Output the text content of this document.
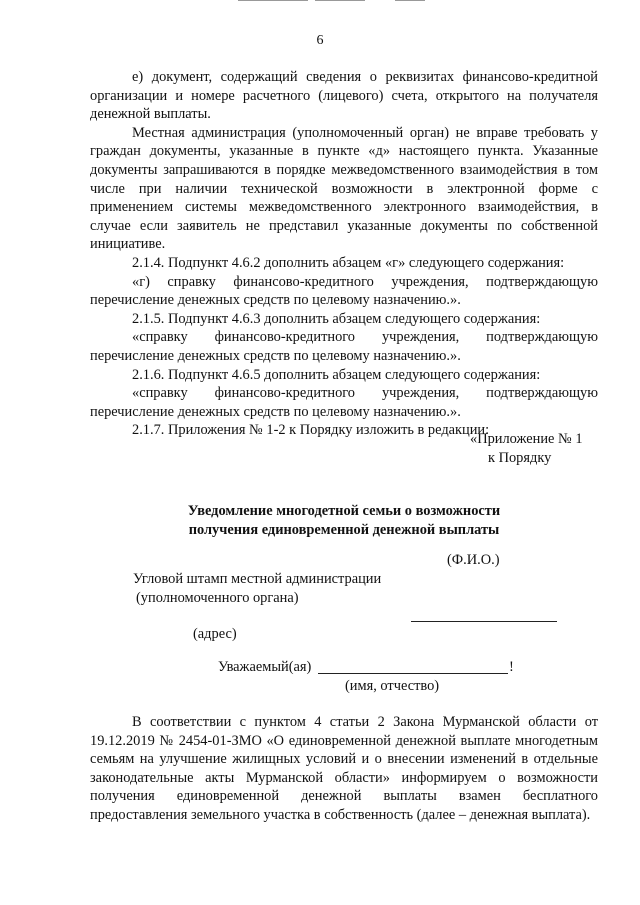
6

е) документ, содержащий сведения о реквизитах финансово-кредитной организации и номере расчетного (лицевого) счета, открытого на получателя денежной выплаты.

Местная администрация (уполномоченный орган) не вправе требовать у граждан документы, указанные в пункте «д» настоящего пункта. Указанные документы запрашиваются в порядке межведомственного взаимодействия в том числе при наличии технической возможности в электронной форме с применением системы межведомственного электронного взаимодействия, в случае если заявитель не представил указанные документы по собственной инициативе.

2.1.4. Подпункт 4.6.2 дополнить абзацем «г» следующего содержания:

«г) справку финансово-кредитного учреждения, подтверждающую перечисление денежных средств по целевому назначению.».

2.1.5. Подпункт 4.6.3 дополнить абзацем следующего содержания:

«справку финансово-кредитного учреждения, подтверждающую перечисление денежных средств по целевому назначению.».

2.1.6. Подпункт 4.6.5 дополнить абзацем следующего содержания:

«справку финансово-кредитного учреждения, подтверждающую перечисление денежных средств по целевому назначению.».

2.1.7. Приложения № 1-2 к Порядку изложить в редакции:

«Приложение № 1
к Порядку
Уведомление многодетной семьи о возможности
получения единовременной денежной выплаты
(Ф.И.О.)
Угловой штамп местной администрации
(уполномоченного органа)
(адрес)
Уважаемый(ая)	!
(имя, отчество)

В соответствии с пунктом 4 статьи 2 Закона Мурманской области от 19.12.2019 № 2454-01-ЗМО «О единовременной денежной выплате многодетным семьям на улучшение жилищных условий и о внесении изменений в отдельные законодательные акты Мурманской области» информируем о возможности получения единовременной денежной выплаты взамен бесплатного предоставления земельного участка в собственность (далее – денежная выплата).
